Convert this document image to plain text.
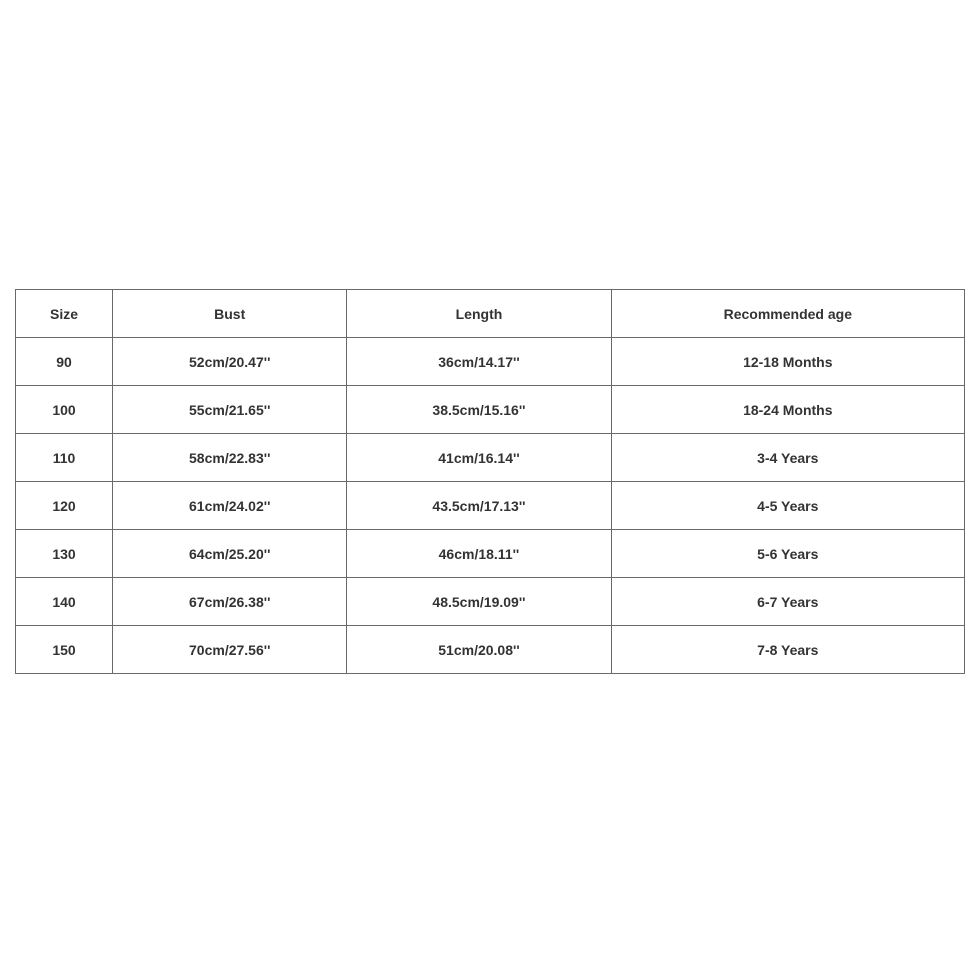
Size	Bust	Length	Recommended age
90	52cm/20.47''	36cm/14.17''	12-18 Months
100	55cm/21.65''	38.5cm/15.16''	18-24 Months
110	58cm/22.83''	41cm/16.14''	3-4 Years
120	61cm/24.02''	43.5cm/17.13''	4-5 Years
130	64cm/25.20''	46cm/18.11''	5-6 Years
140	67cm/26.38''	48.5cm/19.09''	6-7 Years
150	70cm/27.56''	51cm/20.08''	7-8 Years
